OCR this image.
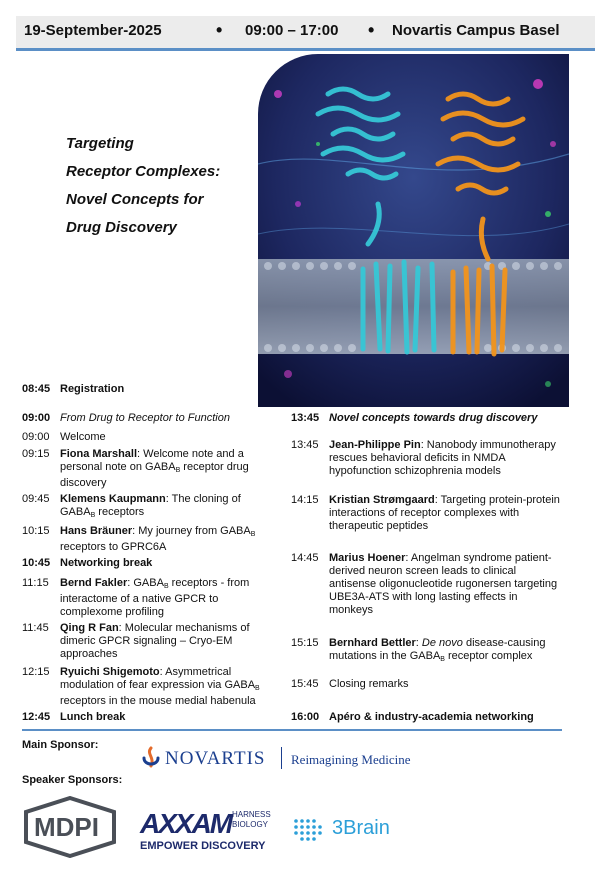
19-September-2025	• 09:00 – 17:00 • Novartis Campus Basel
Targeting
Receptor Complexes:
Novel Concepts for
Drug Discovery
08:45 Registration
09:00 From Drug to Receptor to Function
09:00 Welcome
09:15 Fiona Marshall: Welcome note and a personal note on $GABA_B$ receptor drug discovery
09:45 Klemens Kaupmann: The cloning of $GABA_B$ receptors
10:15 Hans Bräuner: My journey from $GABA_B$ receptors to GPRC6A
10:45 Networking break
11:15 Bernd Fakler: $GABA_B$ receptors - from interactome of a native GPCR to complexome profiling
11:45 Qing R Fan: Molecular mechanisms of dimeric GPCR signaling – Cryo-EM approaches
12:15 Ryuichi Shigemoto: Asymmetrical modulation of fear expression via $GABA_B$ receptors in the mouse medial habenula
12:45 Lunch break
13:45 Novel concepts towards drug discovery
13:45 Jean-Philippe Pin: Nanobody immunotherapy rescues behavioral deficits in NMDA hypofunction schizophrenia models
14:15 Kristian Strømgaard: Targeting protein-protein interactions of receptor complexes with therapeutic peptides
14:45 Marius Hoener: Angelman syndrome patient-derived neuron screen leads to clinical antisense oligonucleotide rugonersen targeting UBE3A-ATS with long lasting effects in monkeys
15:15 Bernhard Bettler: De novo disease-causing mutations in the $GABA_B$ receptor complex
15:45 Closing remarks
16:00 Apéro & industry-academia networking
Main Sponsor:
NOVARTIS Reimagining Medicine
Speaker Sponsors:
MDPI AXXAM HARNESS
BIOLOGY
EMPOWER DISCOVERY
3Brain
